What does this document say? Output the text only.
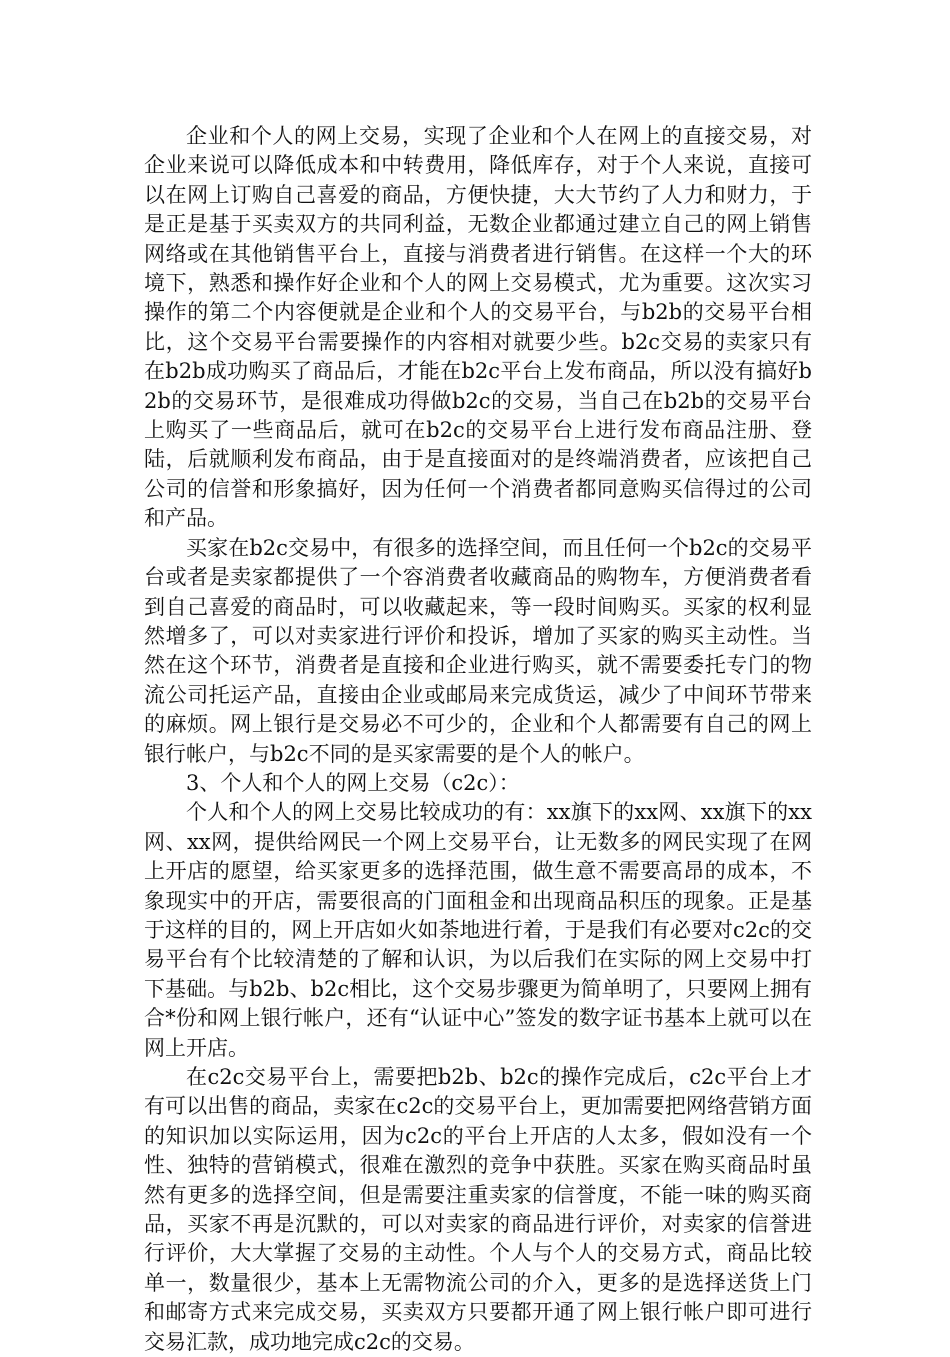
企业和个人的网上交易，实现了企业和个人在网上的直接交易，对企业来说可以降低成本和中转费用，降低库存，对于个人来说，直接可以在网上订购自己喜爱的商品，方便快捷，大大节约了人力和财力，于是正是基于买卖双方的共同利益，无数企业都通过建立自己的网上销售网络或在其他销售平台上，直接与消费者进行销售。在这样一个大的环境下，熟悉和操作好企业和个人的网上交易模式，尤为重要。这次实习操作的第二个内容便就是企业和个人的交易平台，与b2b的交易平台相比，这个交易平台需要操作的内容相对就要少些。b2c交易的卖家只有在b2b成功购买了商品后，才能在b2c平台上发布商品，所以没有搞好b2b的交易环节，是很难成功得做b2c的交易，当自己在b2b的交易平台上购买了一些商品后，就可在b2c的交易平台上进行发布商品注册、登陆，后就顺利发布商品，由于是直接面对的是终端消费者，应该把自己公司的信誉和形象搞好，因为任何一个消费者都同意购买信得过的公司和产品。

买家在b2c交易中，有很多的选择空间，而且任何一个b2c的交易平台或者是卖家都提供了一个容消费者收藏商品的购物车，方便消费者看到自己喜爱的商品时，可以收藏起来，等一段时间购买。买家的权利显然增多了，可以对卖家进行评价和投诉，增加了买家的购买主动性。当然在这个环节，消费者是直接和企业进行购买，就不需要委托专门的物流公司托运产品，直接由企业或邮局来完成货运，减少了中间环节带来的麻烦。网上银行是交易必不可少的，企业和个人都需要有自己的网上银行帐户，与b2c不同的是买家需要的是个人的帐户。

3、个人和个人的网上交易（c2c）：

个人和个人的网上交易比较成功的有：xx旗下的xx网、xx旗下的xx网、xx网，提供给网民一个网上交易平台，让无数多的网民实现了在网上开店的愿望，给买家更多的选择范围，做生意不需要高昂的成本，不象现实中的开店，需要很高的门面租金和出现商品积压的现象。正是基于这样的目的，网上开店如火如荼地进行着，于是我们有必要对c2c的交易平台有个比较清楚的了解和认识，为以后我们在实际的网上交易中打下基础。与b2b、b2c相比，这个交易步骤更为简单明了，只要网上拥有合*份和网上银行帐户，还有“认证中心”签发的数字证书基本上就可以在网上开店。

在c2c交易平台上，需要把b2b、b2c的操作完成后，c2c平台上才有可以出售的商品，卖家在c2c的交易平台上，更加需要把网络营销方面的知识加以实际运用，因为c2c的平台上开店的人太多，假如没有一个性、独特的营销模式，很难在激烈的竞争中获胜。买家在购买商品时虽然有更多的选择空间，但是需要注重卖家的信誉度，不能一味的购买商品，买家不再是沉默的，可以对卖家的商品进行评价，对卖家的信誉进行评价，大大掌握了交易的主动性。个人与个人的交易方式，商品比较单一，数量很少，基本上无需物流公司的介入，更多的是选择送货上门和邮寄方式来完成交易，买卖双方只要都开通了网上银行帐户即可进行交易汇款，成功地完成c2c的交易。
